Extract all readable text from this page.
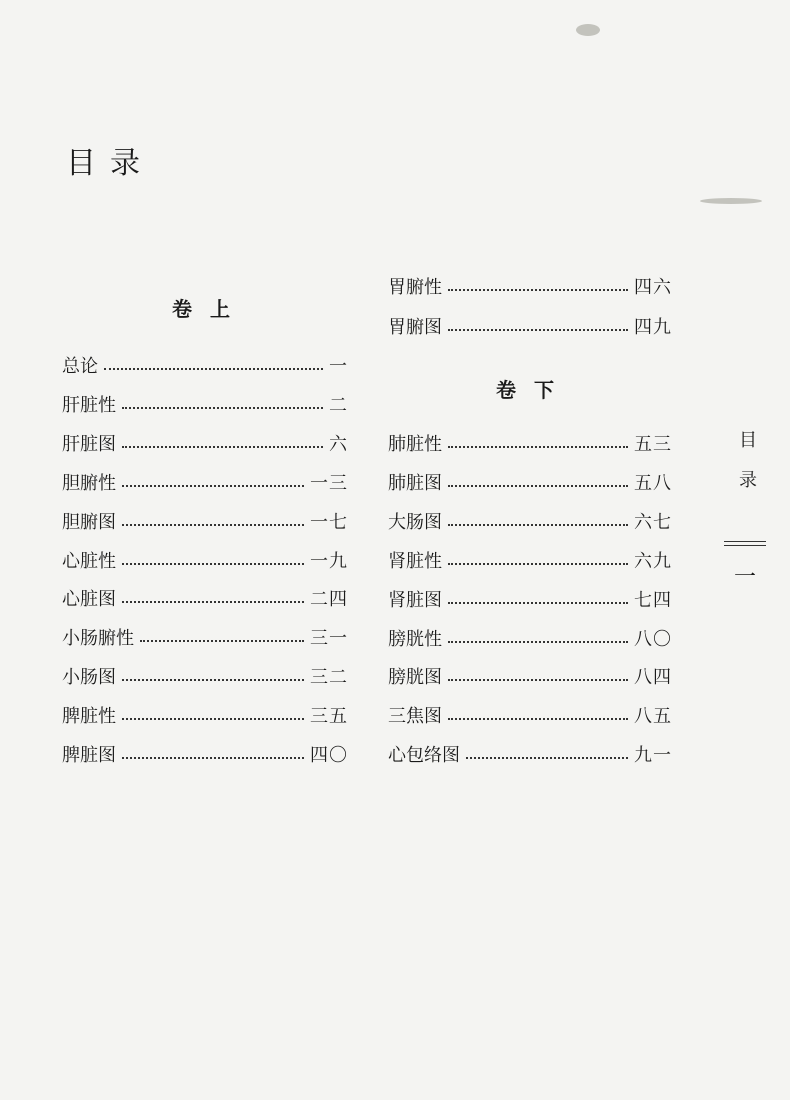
目录
卷上
总论	一
肝脏性	二
肝脏图	六
胆腑性	一三
胆腑图	一七
心脏性	一九
心脏图	二四
小肠腑性	三一
小肠图	三二
脾脏性	三五
脾脏图	四〇
胃腑性	四六
胃腑图	四九
卷下
肺脏性	五三
肺脏图	五八
大肠图	六七
肾脏性	六九
肾脏图	七四
膀胱性	八〇
膀胱图	八四
三焦图	八五
心包络图	九一
目录
一
